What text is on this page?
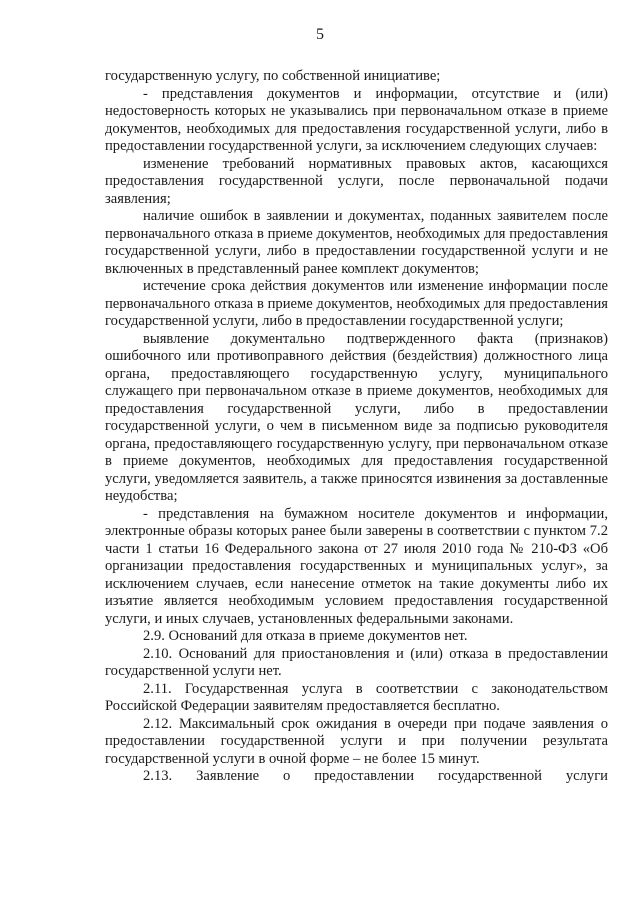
5

государственную услугу, по собственной инициативе;

- представления документов и информации, отсутствие и (или) недостоверность которых не указывались при первоначальном отказе в приеме документов, необходимых для предоставления государственной услуги, либо в предоставлении государственной услуги, за исключением следующих случаев:

изменение требований нормативных правовых актов, касающихся предоставления государственной услуги, после первоначальной подачи заявления;

наличие ошибок в заявлении и документах, поданных заявителем после первоначального отказа в приеме документов, необходимых для предоставления государственной услуги, либо в предоставлении государственной услуги и не включенных в представленный ранее комплект документов;

истечение срока действия документов или изменение информации после первоначального отказа в приеме документов, необходимых для предоставления государственной услуги, либо в предоставлении государственной услуги;

выявление документально подтвержденного факта (признаков) ошибочного или противоправного действия (бездействия) должностного лица органа, предоставляющего государственную услугу, муниципального служащего при первоначальном отказе в приеме документов, необходимых для предоставления государственной услуги, либо в предоставлении государственной услуги, о чем в письменном виде за подписью руководителя органа, предоставляющего государственную услугу, при первоначальном отказе в приеме документов, необходимых для предоставления государственной услуги, уведомляется заявитель, а также приносятся извинения за доставленные неудобства;

- представления на бумажном носителе документов и информации, электронные образы которых ранее были заверены в соответствии с пунктом 7.2 части 1 статьи 16 Федерального закона от 27 июля 2010 года № 210-ФЗ «Об организации предоставления государственных и муниципальных услуг», за исключением случаев, если нанесение отметок на такие документы либо их изъятие является необходимым условием предоставления государственной услуги, и иных случаев, установленных федеральными законами.

2.9. Оснований для отказа в приеме документов нет.

2.10. Оснований для приостановления и (или) отказа в предоставлении государственной услуги нет.

2.11. Государственная услуга в соответствии с законодательством Российской Федерации заявителям предоставляется бесплатно.

2.12. Максимальный срок ожидания в очереди при подаче заявления о предоставлении государственной услуги и при получении результата государственной услуги в очной форме – не более 15 минут.

2.13. Заявление о предоставлении государственной услуги
